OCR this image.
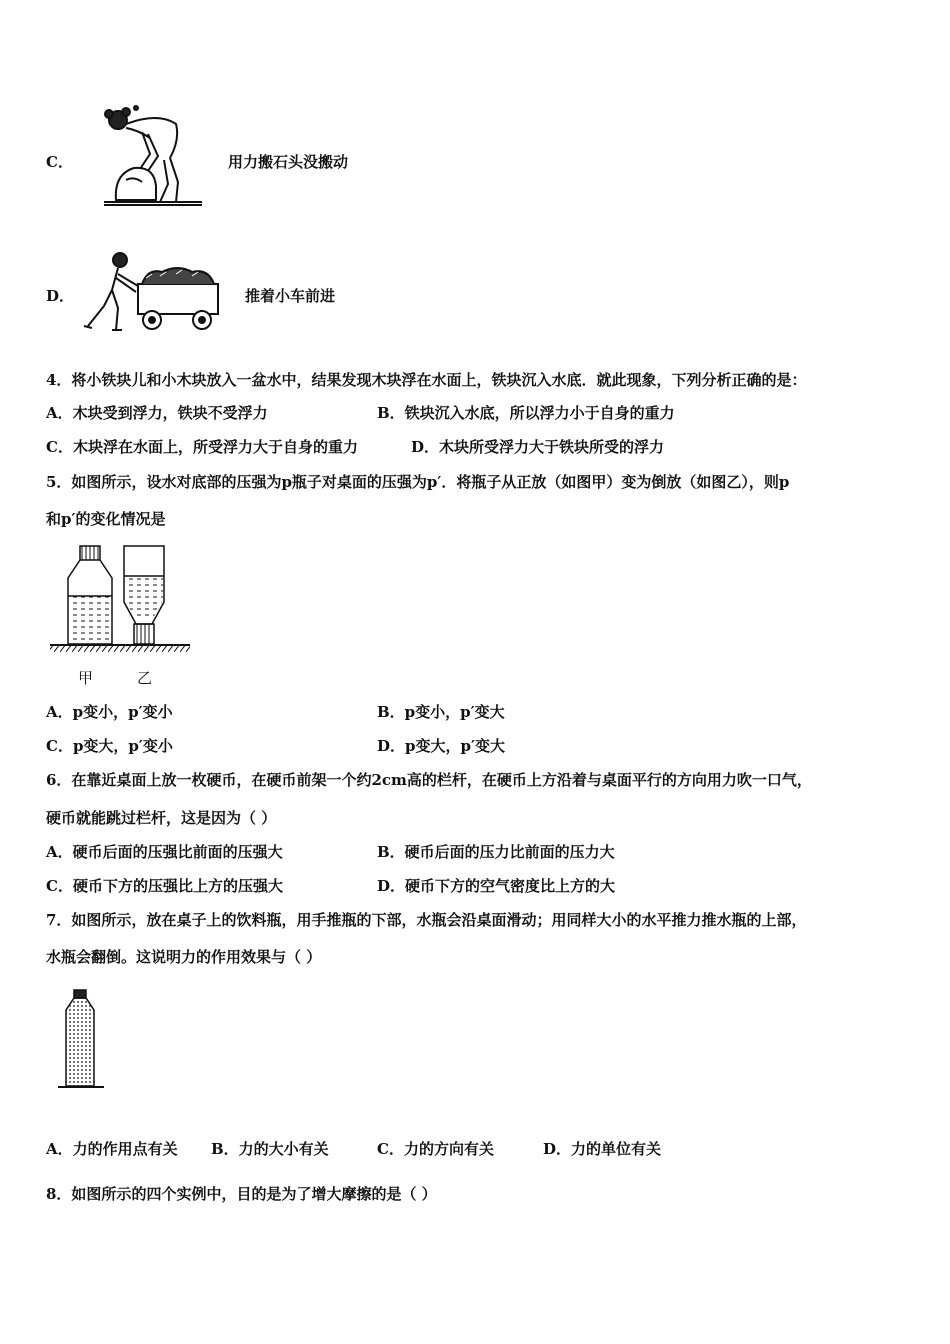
C．	用力搬石头没搬动
D．	推着小车前进
4．将小铁块儿和小木块放入一盆水中，结果发现木块浮在水面上，铁块沉入水底．就此现象，下列分析正确的是：
A．木块受到浮力，铁块不受浮力	B．铁块沉入水底，所以浮力小于自身的重力
C．木块浮在水面上，所受浮力大于自身的重力	D．木块所受浮力大于铁块所受的浮力
5．如图所示，设水对底部的压强为p瓶子对桌面的压强为p′．将瓶子从正放（如图甲）变为倒放（如图乙），则p
和p′的变化情况是
甲	乙
A．p变小，p′变小	B．p变小，p′变大
C．p变大，p′变小	D．p变大，p′变大
6．在靠近桌面上放一枚硬币，在硬币前架一个约2cm高的栏杆，在硬币上方沿着与桌面平行的方向用力吹一口气，
硬币就能跳过栏杆，这是因为（ ）
A．硬币后面的压强比前面的压强大	B．硬币后面的压力比前面的压力大
C．硬币下方的压强比上方的压强大	D．硬币下方的空气密度比上方的大
7．如图所示，放在桌子上的饮料瓶，用手推瓶的下部，水瓶会沿桌面滑动；用同样大小的水平推力推水瓶的上部，
水瓶会翻倒。这说明力的作用效果与（ ）
A．力的作用点有关 B．力的大小有关	C．力的方向有关	D．力的单位有关
8．如图所示的四个实例中，目的是为了增大摩擦的是（ ）
